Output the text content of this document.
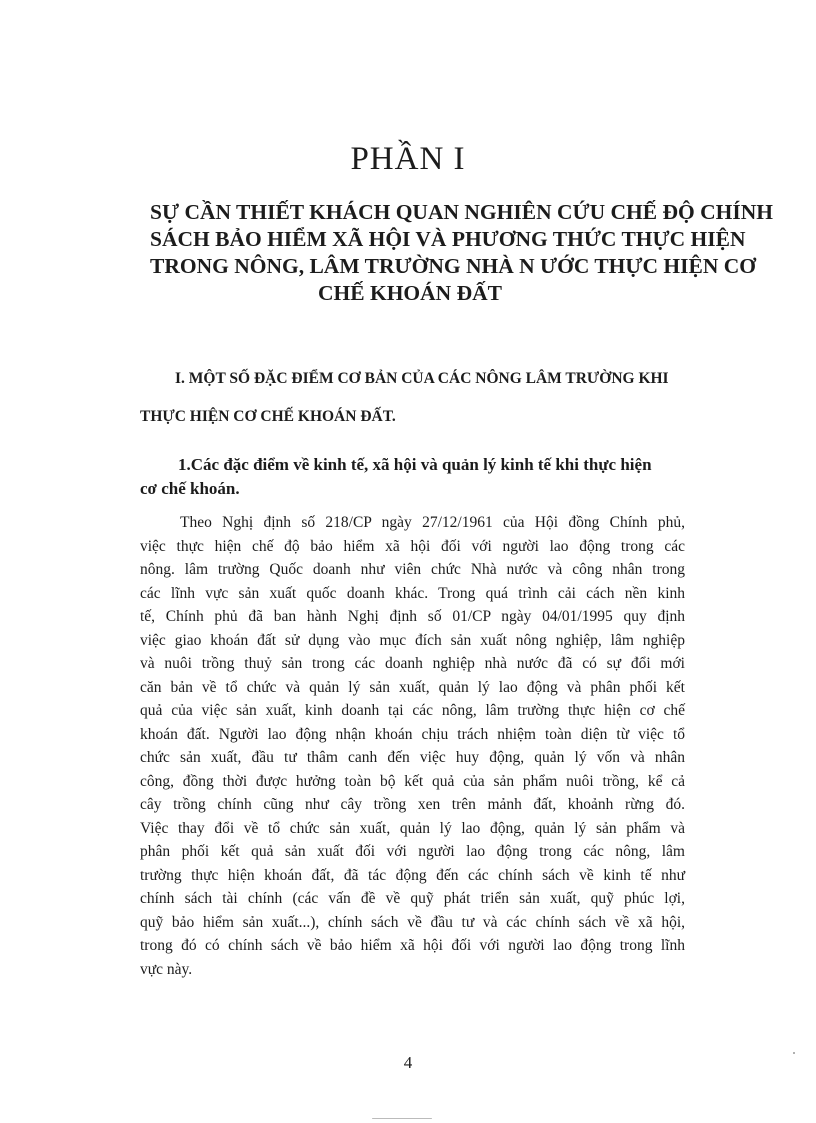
PHẦN I
SỰ CẦN THIẾT KHÁCH QUAN NGHIÊN CỨU CHẾ ĐỘ CHÍNH
SÁCH BẢO HIỂM XÃ HỘI VÀ PHƯƠNG THỨC THỰC HIỆN
TRONG NÔNG, LÂM TRƯỜNG NHÀ N ƯỚC THỰC HIỆN CƠ
CHẾ KHOÁN ĐẤT

I. MỘT SỐ ĐẶC ĐIỂM CƠ BẢN CỦA CÁC NÔNG LÂM TRƯỜNG KHI

THỰC HIỆN CƠ CHẾ KHOÁN ĐẤT.

1.Các đặc điểm về kinh tế, xã hội và quản lý kinh tế khi thực hiện
cơ chế khoán.
Theo Nghị định số 218/CP ngày 27/12/1961 của Hội đồng Chính phủ,
việc thực hiện chế độ bảo hiểm xã hội đối với người lao động trong các
nông. lâm trường Quốc doanh như viên chức Nhà nước và công nhân trong
các lĩnh vực sản xuất quốc doanh khác. Trong quá trình cải cách nền kinh
tế, Chính phủ đã ban hành Nghị định số 01/CP ngày 04/01/1995 quy định
việc giao khoán đất sử dụng vào mục đích sản xuất nông nghiệp, lâm nghiệp
và nuôi trồng thuỷ sản trong các doanh nghiệp nhà nước đã có sự đổi mới
căn bản về tổ chức và quản lý sản xuất, quản lý lao động và phân phối kết
quả của việc sản xuất, kinh doanh tại các nông, lâm trường thực hiện cơ chế
khoán đất. Người lao động nhận khoán chịu trách nhiệm toàn diện từ việc tổ
chức sản xuất, đầu tư thâm canh đến việc huy động, quản lý vốn và nhân
công, đồng thời được hưởng toàn bộ kết quả của sản phẩm nuôi trồng, kể cả
cây trồng chính cũng như cây trồng xen trên mảnh đất, khoảnh rừng đó.
Việc thay đổi về tổ chức sản xuất, quản lý lao động, quản lý sản phẩm và
phân phối kết quả sản xuất đối với người lao động trong các nông, lâm
trường thực hiện khoán đất, đã tác động đến các chính sách về kinh tế như
chính sách tài chính (các vấn đề về quỹ phát triển sản xuất, quỹ phúc lợi,
quỹ bảo hiểm sản xuất...), chính sách về đầu tư và các chính sách về xã hội,
trong đó có chính sách về bảo hiểm xã hội đối với người lao động trong lĩnh
vực này.

4
